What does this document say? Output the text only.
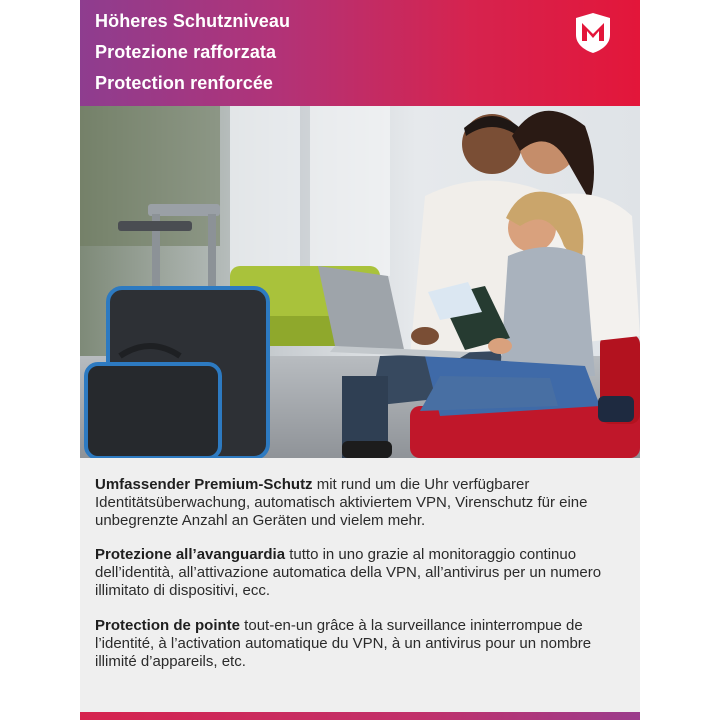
Höheres Schutzniveau
Protezione rafforzata
Protection renforcée
Umfassender Premium-Schutz mit rund um die Uhr verfügbarer Identitätsüberwachung, automatisch aktiviertem VPN, Virenschutz für eine unbegrenzte Anzahl an Geräten und vielem mehr.
Protezione all’avanguardia tutto in uno grazie al monitoraggio continuo dell’identità, all’attivazione automatica della VPN, all’antivirus per un numero illimitato di dispositivi, ecc.
Protection de pointe tout-en-un grâce à la surveillance ininterrompue de l’identité, à l’activation automatique du VPN, à un antivirus pour un nombre illimité d’appareils, etc.
